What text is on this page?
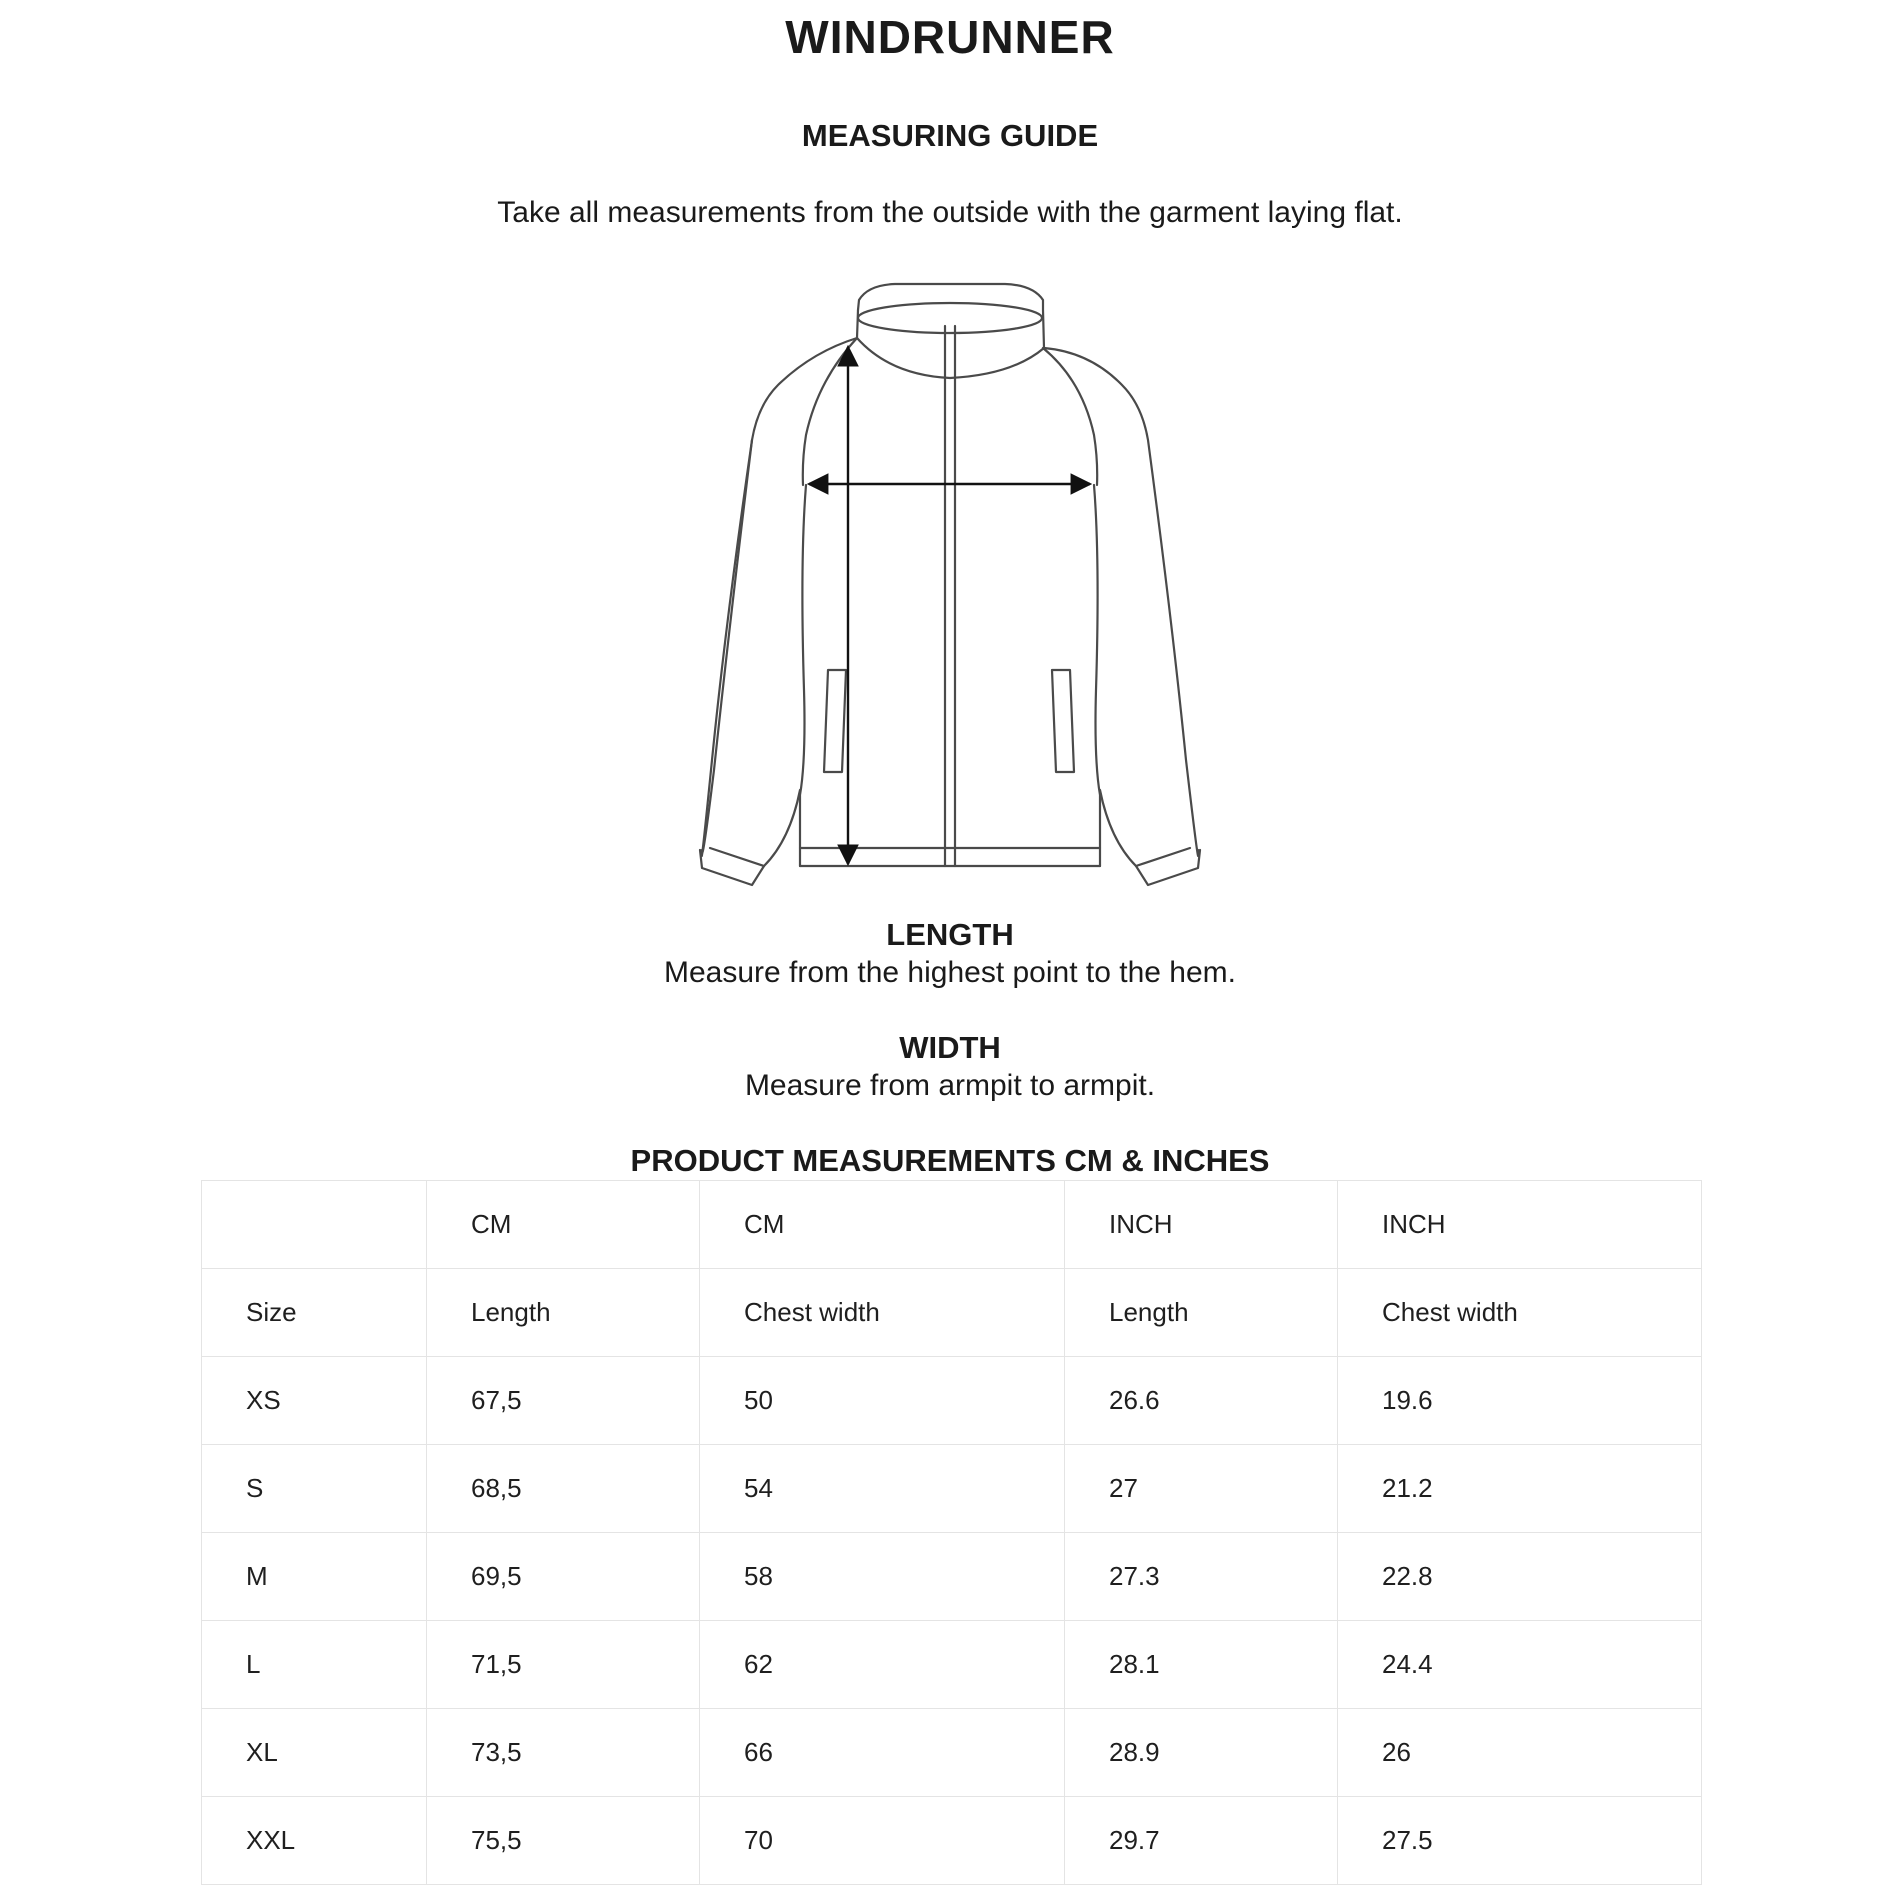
WINDRUNNER
MEASURING GUIDE

Take all measurements from the outside with the garment laying flat.

LENGTH

Measure from the highest point to the hem.

WIDTH

Measure from armpit to armpit.

PRODUCT MEASUREMENTS CM & INCHES
	CM	CM	INCH	INCH
Size	Length	Chest width	Length	Chest width
XS	67,5	50	26.6	19.6
S	68,5	54	27	21.2
M	69,5	58	27.3	22.8
L	71,5	62	28.1	24.4
XL	73,5	66	28.9	26
XXL	75,5	70	29.7	27.5
